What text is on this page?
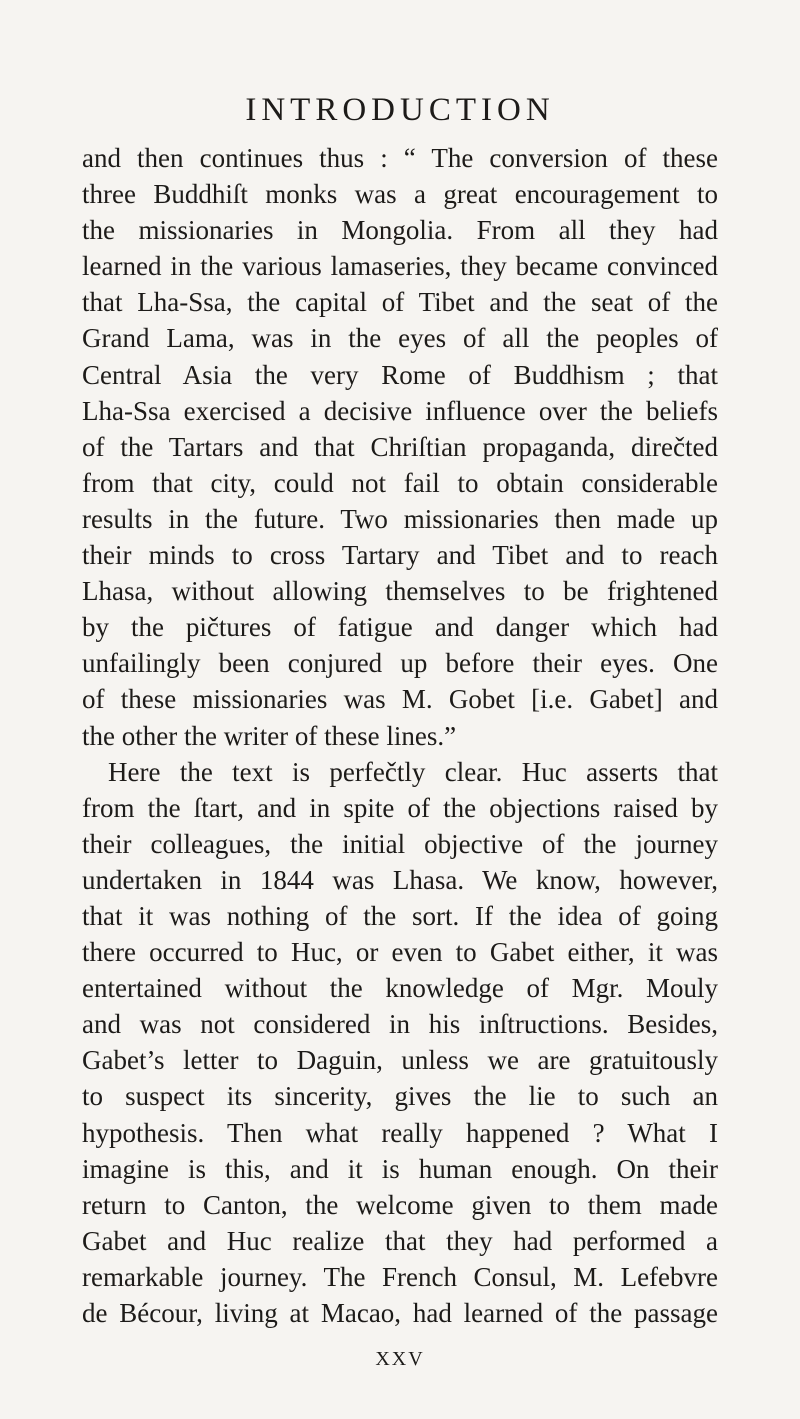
INTRODUCTION
and then continues thus : “ The conversion of these
three Buddhiſt monks was a great encouragement to
the missionaries in Mongolia. From all they had
learned in the various lamaseries, they became convinced
that Lha-Ssa, the capital of Tibet and the seat of the
Grand Lama, was in the eyes of all the peoples of
Central Asia the very Rome of Buddhism ; that
Lha-Ssa exercised a decisive influence over the beliefs
of the Tartars and that Chriſtian propaganda, direčted
from that city, could not fail to obtain considerable
results in the future. Two missionaries then made up
their minds to cross Tartary and Tibet and to reach
Lhasa, without allowing themselves to be frightened
by the pičtures of fatigue and danger which had
unfailingly been conjured up before their eyes. One
of these missionaries was M. Gobet [i.e. Gabet] and
the other the writer of these lines.”
Here the text is perfečtly clear. Huc asserts that
from the ſtart, and in spite of the objections raised by
their colleagues, the initial objective of the journey
undertaken in 1844 was Lhasa. We know, however,
that it was nothing of the sort. If the idea of going
there occurred to Huc, or even to Gabet either, it was
entertained without the knowledge of Mgr. Mouly
and was not considered in his inſtructions. Besides,
Gabet’s letter to Daguin, unless we are gratuitously
to suspect its sincerity, gives the lie to such an
hypothesis. Then what really happened ? What I
imagine is this, and it is human enough. On their
return to Canton, the welcome given to them made
Gabet and Huc realize that they had performed a
remarkable journey. The French Consul, M. Lefebvre
de Bécour, living at Macao, had learned of the passage
XXV
